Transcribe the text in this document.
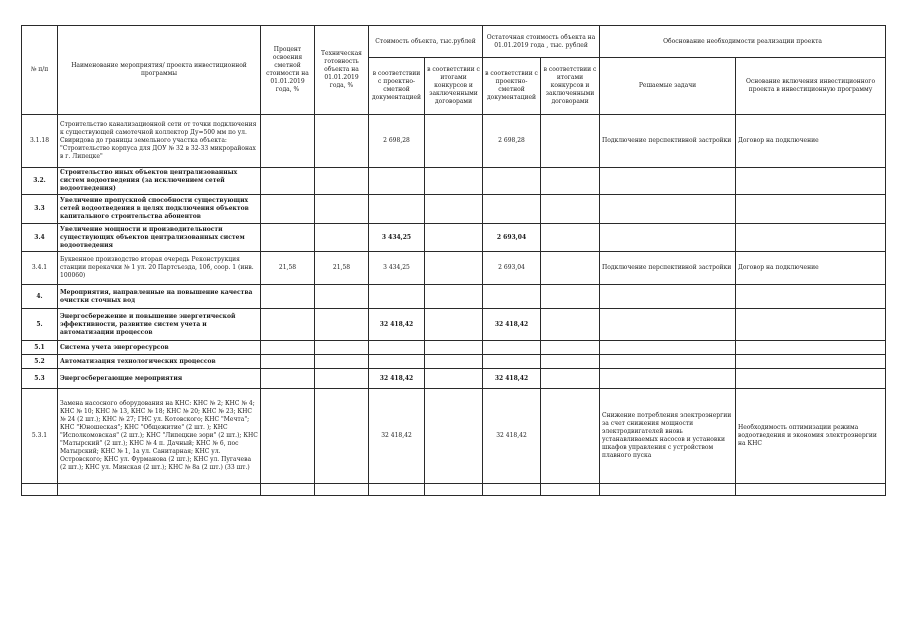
№ п/п	Наименование мероприятия/ проекта инвестиционной программы	Процент освоения сметной стоимости на 01.01.2019 года, %	Техническая готовность объекта на 01.01.2019 года, %	Стоимость объекта, тыс.рублей		Остаточная стоимость объекта на 01.01.2019 года , тыс. рублей		Обоснование необходимости реализации проекта	
				в соответствии с проектно-сметной документацией	в соответствии с итогами конкурсов и заключенными договорами	в соответствии с проектно-сметной документацией	в соответствии с итогами конкурсов и заключенными договорами	Решаемые задачи	Основание включения инвестиционного проекта в инвестиционную программу
3.1.18	Строительство канализационной сети от точки подключения к существующей самотечной коллектор Ду=500 мм по ул. Свиридова до границы земельного участка объекта: "Строительство корпуса для ДОУ № 32 в 32-33 микрорайонах в г. Липецке"			2 698,28		2 698,28		Подключение перспективной застройки	Договор на подключение
3.2.	Строительство иных объектов централизованных систем водоотведения (за исключением сетей водоотведения)								
3.3	Увеличение пропускной способности существующих сетей водоотведения в целях подключения объектов капитального строительства абонентов								
3.4	Увеличение мощности и производительности существующих объектов централизованных систем водоотведения			3 434,25		2 693,04			
3.4.1	Буквенное производство вторая очередь Реконструкция станции перекачки № 1 ул. 20 Партсъезда, 10б, соор. 1 (инв. 100060)	21,58	21,58	3 434,25		2 693,04		Подключение перспективной застройки	Договор на подключение
4.	Мероприятия, направленные на повышение качества очистки сточных вод								
5.	Энергосбережение и повышение энергетической эффективности, развитие систем учета и автоматизации процессов			32 418,42		32 418,42			
5.1	Система учета энергоресурсов								
5.2	Автоматизация технологических процессов								
5.3	Энергосберегающие мероприятия			32 418,42		32 418,42			
5.3.1	Замена насосного оборудования на КНС: КНС № 2; КНС № 4; КНС № 10; КНС № 13, КНС № 18; КНС № 20; КНС № 23; КНС № 24 (2 шт.); КНС № 27; ГНС ул. Котовского; КНС "Мечта"; КНС "Юношеская"; КНС "Общежитие" (2 шт. ); КНС "Исполкомовская" (2 шт.); КНС "Липецкие зори" (2 шт.); КНС "Матырский" (2 шт.); КНС № 4 п. Дачный; КНС № 6, пос Матырский; КНС № 1, 1а ул. Санитарная; КНС ул. Островского; КНС ул. Фурманова (2 шт.); КНС ул. Пугачева (2 шт.); КНС ул. Минская (2 шт.); КНС № 8а (2 шт.) (33 шт.)			32 418,42		32 418,42		Снижение потребления электроэнергии за счет снижения мощности электродвигателей вновь устанавливаемых насосов и установки шкафов управления с устройством плавного пуска	Необходимость оптимизации режима водоотведения и экономия электроэнергии на КНС
